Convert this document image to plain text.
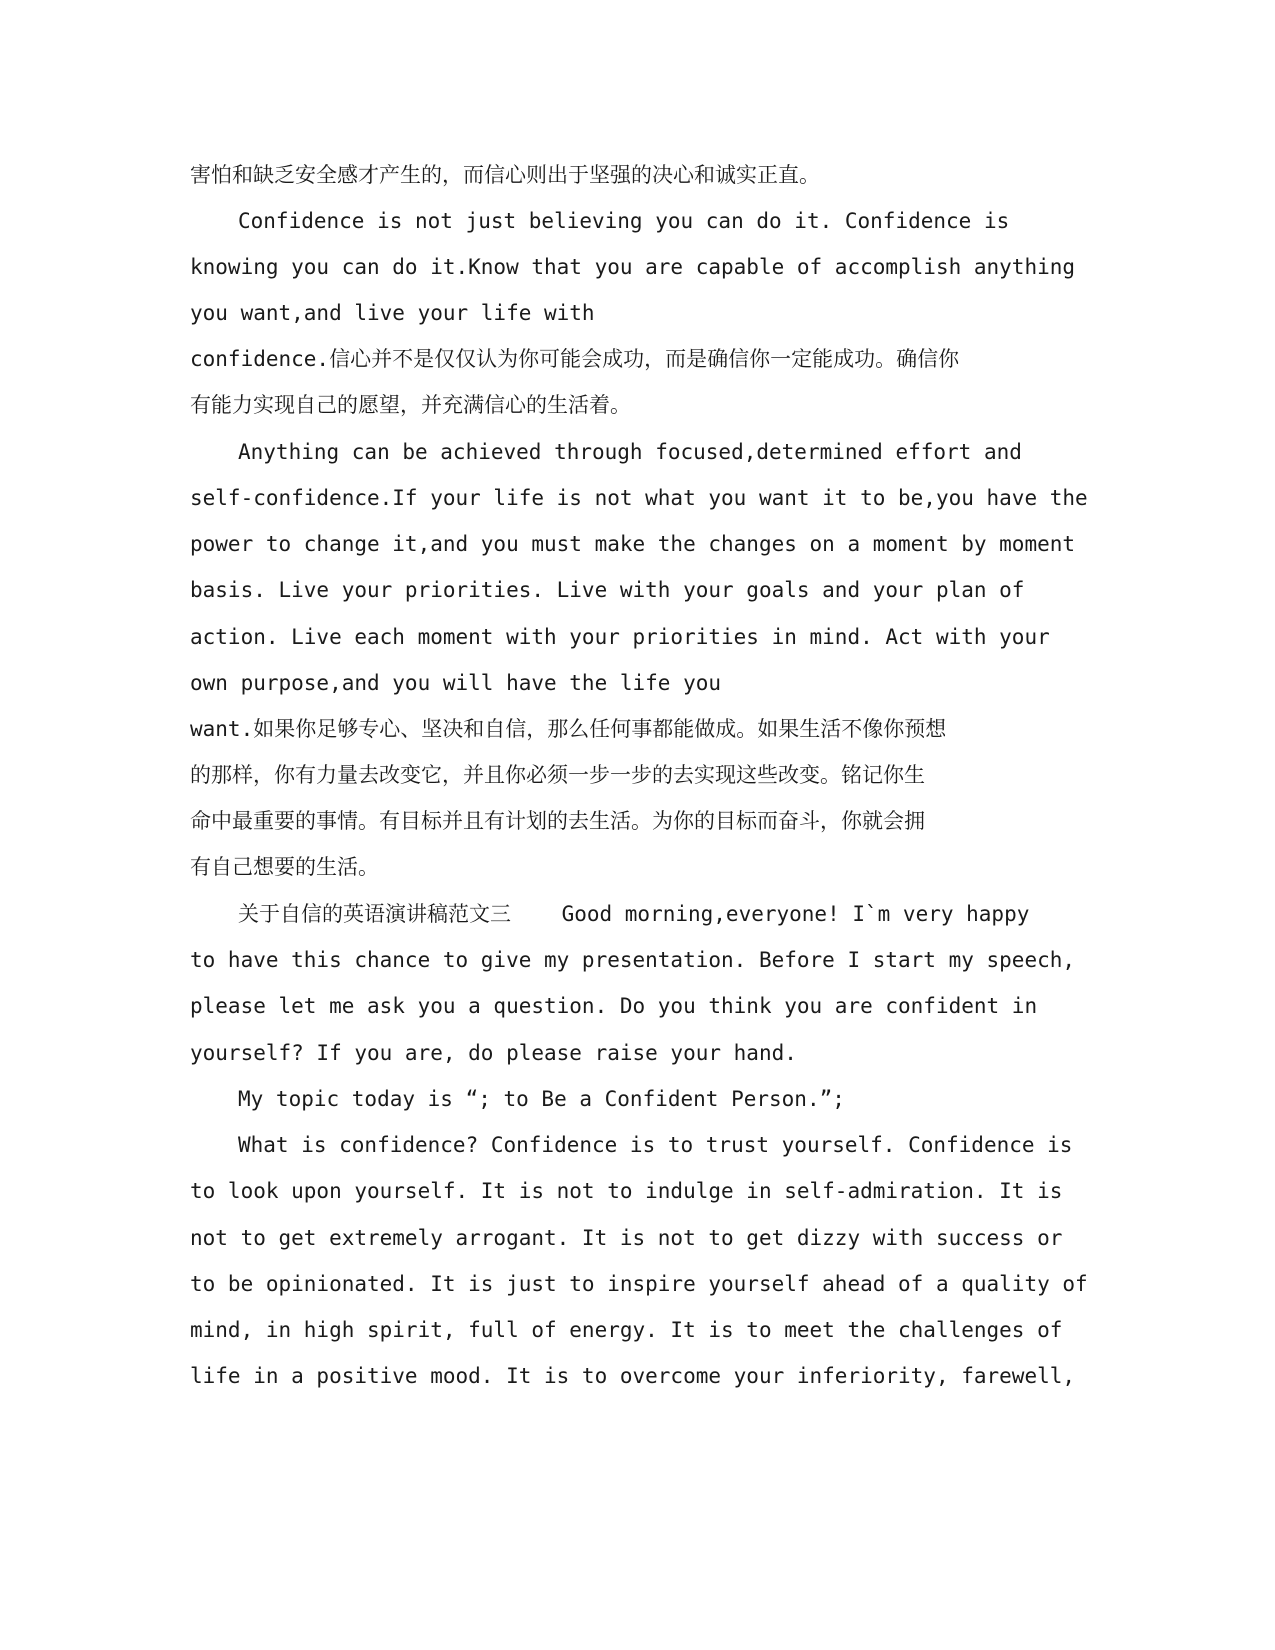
害怕和缺乏安全感才产生的，而信心则出于坚强的决心和诚实正直。
Confidence is not just believing you can do it. Confidence is
knowing you can do it.Know that you are capable of accomplish anything
you want,and live your life with
confidence.信心并不是仅仅认为你可能会成功，而是确信你一定能成功。确信你
有能力实现自己的愿望，并充满信心的生活着。
Anything can be achieved through focused,determined effort and
self-confidence.If your life is not what you want it to be,you have the
power to change it,and you must make the changes on a moment by moment
basis. Live your priorities. Live with your goals and your plan of
action. Live each moment with your priorities in mind. Act with your
own purpose,and you will have the life you
want.如果你足够专心、坚决和自信，那么任何事都能做成。如果生活不像你预想
的那样，你有力量去改变它，并且你必须一步一步的去实现这些改变。铭记你生
命中最重要的事情。有目标并且有计划的去生活。为你的目标而奋斗，你就会拥
有自己想要的生活。
关于自信的英语演讲稿范文三    Good morning,everyone! I`m very happy
to have this chance to give my presentation. Before I start my speech,
please let me ask you a question. Do you think you are confident in
yourself? If you are, do please raise your hand.
My topic today is “; to Be a Confident Person.”;
What is confidence? Confidence is to trust yourself. Confidence is
to look upon yourself. It is not to indulge in self-admiration. It is
not to get extremely arrogant. It is not to get dizzy with success or
to be opinionated. It is just to inspire yourself ahead of a quality of
mind, in high spirit, full of energy. It is to meet the challenges of
life in a positive mood. It is to overcome your inferiority, farewell,
